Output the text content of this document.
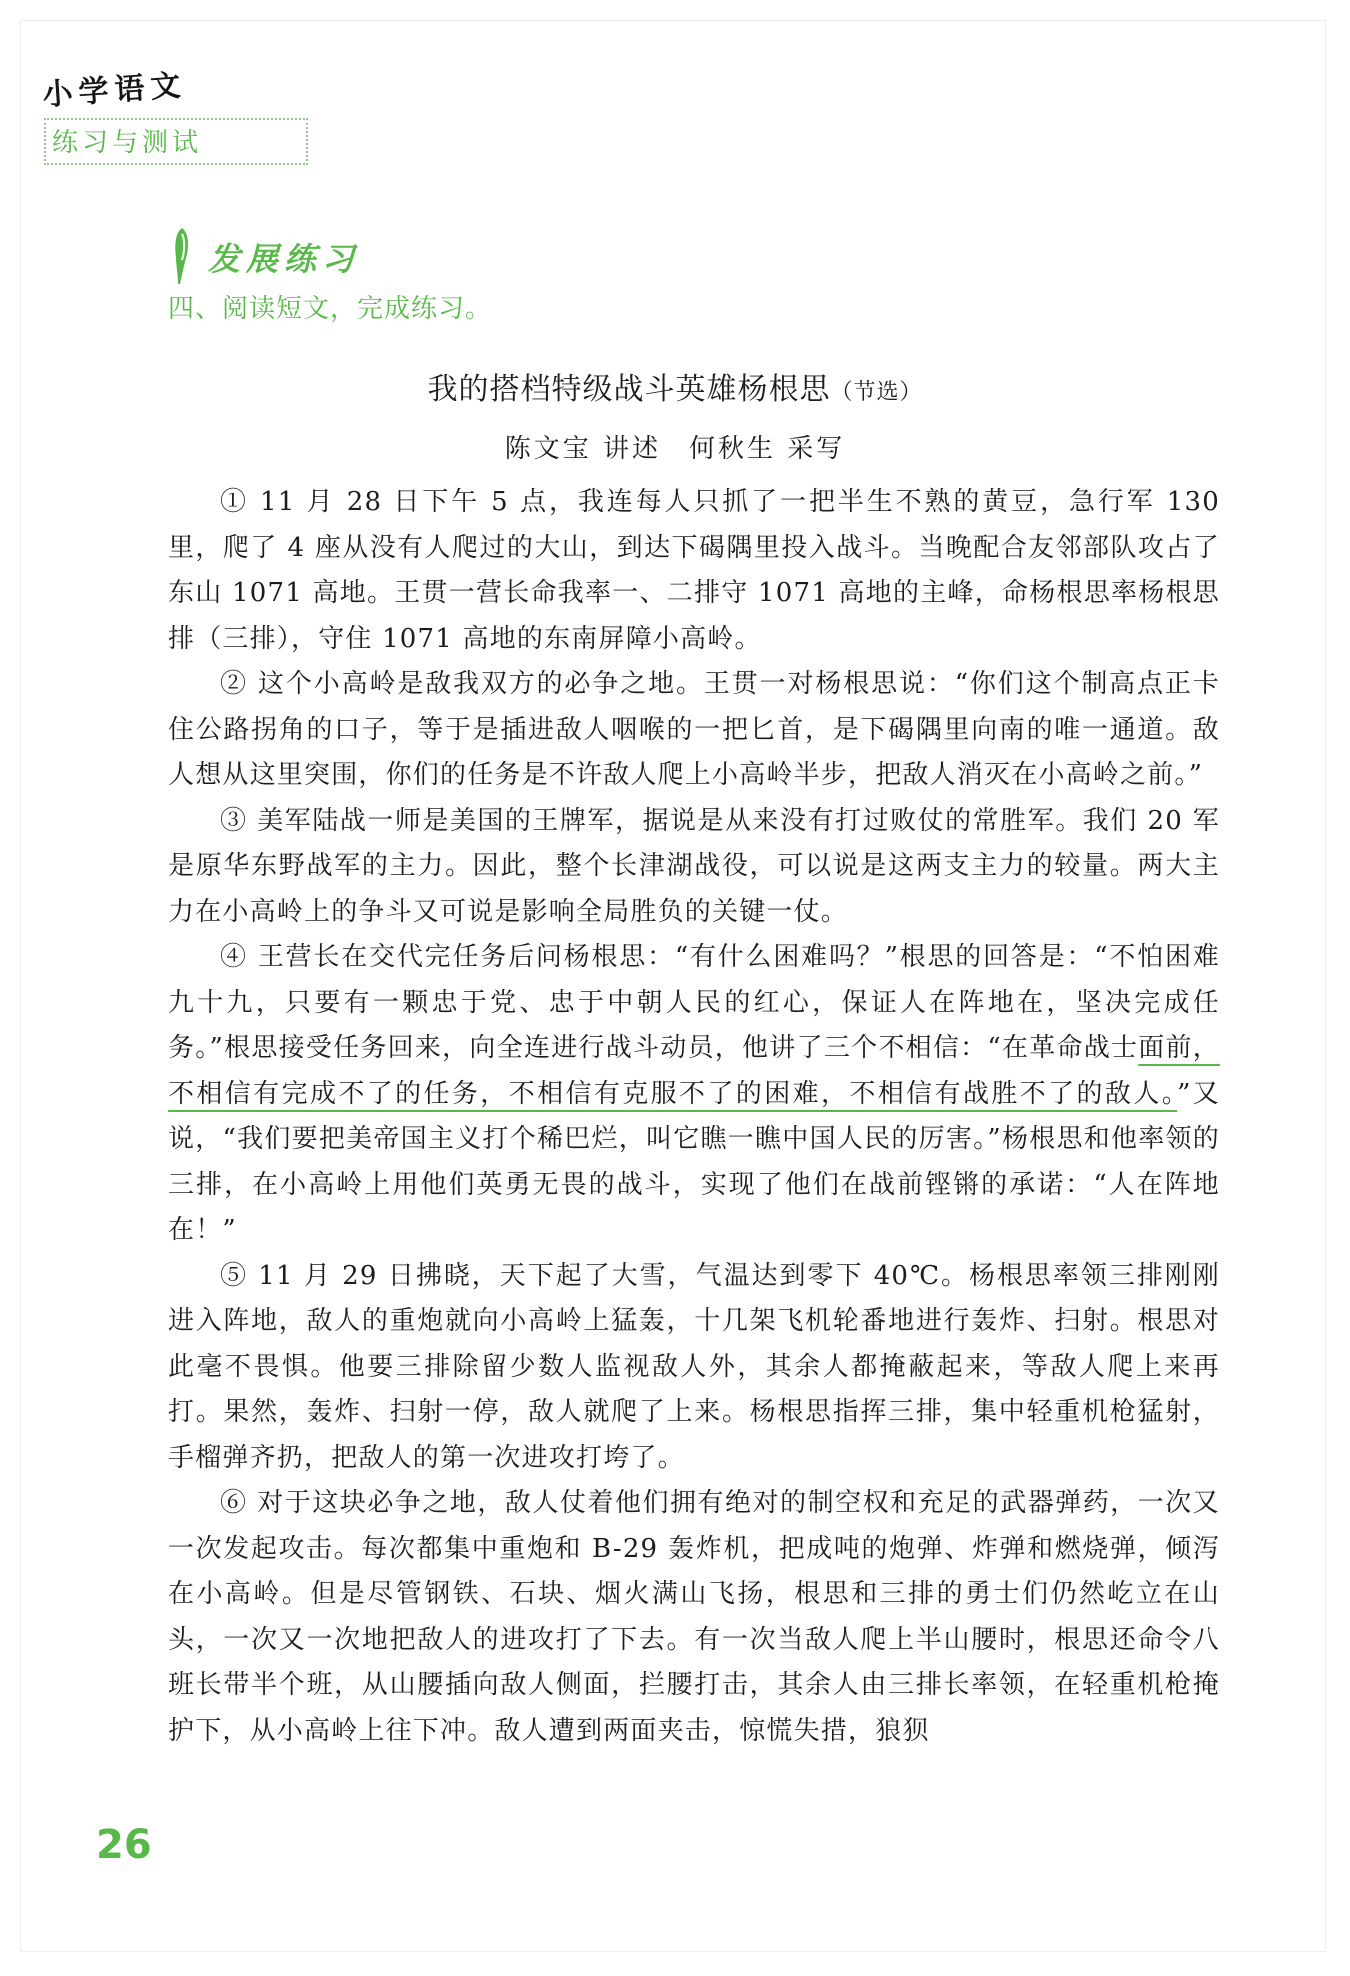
小学语文
练习与测试
发展练习
四、阅读短文，完成练习。
我的搭档特级战斗英雄杨根思（节选）
陈文宝 讲述 何秋生 采写

① 11 月 28 日下午 5 点，我连每人只抓了一把半生不熟的黄豆，急行军 130 里，爬了 4 座从没有人爬过的大山，到达下碣隅里投入战斗。当晚配合友邻部队攻占了东山 1071 高地。王贯一营长命我率一、二排守 1071 高地的主峰，命杨根思率杨根思排（三排），守住 1071 高地的东南屏障小高岭。

② 这个小高岭是敌我双方的必争之地。王贯一对杨根思说：“你们这个制高点正卡住公路拐角的口子，等于是插进敌人咽喉的一把匕首，是下碣隅里向南的唯一通道。敌人想从这里突围，你们的任务是不许敌人爬上小高岭半步，把敌人消灭在小高岭之前。”

③ 美军陆战一师是美国的王牌军，据说是从来没有打过败仗的常胜军。我们 20 军是原华东野战军的主力。因此，整个长津湖战役，可以说是这两支主力的较量。两大主力在小高岭上的争斗又可说是影响全局胜负的关键一仗。

④ 王营长在交代完任务后问杨根思：“有什么困难吗？”根思的回答是：“不怕困难九十九，只要有一颗忠于党、忠于中朝人民的红心，保证人在阵地在，坚决完成任务。”根思接受任务回来，向全连进行战斗动员，他讲了三个不相信：“在革命战士面前，不相信有完成不了的任务，不相信有克服不了的困难，不相信有战胜不了的敌人。”又说，“我们要把美帝国主义打个稀巴烂，叫它瞧一瞧中国人民的厉害。”杨根思和他率领的三排，在小高岭上用他们英勇无畏的战斗，实现了他们在战前铿锵的承诺：“人在阵地在！”

⑤ 11 月 29 日拂晓，天下起了大雪，气温达到零下 40℃。杨根思率领三排刚刚进入阵地，敌人的重炮就向小高岭上猛轰，十几架飞机轮番地进行轰炸、扫射。根思对此毫不畏惧。他要三排除留少数人监视敌人外，其余人都掩蔽起来，等敌人爬上来再打。果然，轰炸、扫射一停，敌人就爬了上来。杨根思指挥三排，集中轻重机枪猛射，手榴弹齐扔，把敌人的第一次进攻打垮了。

⑥ 对于这块必争之地，敌人仗着他们拥有绝对的制空权和充足的武器弹药，一次又一次发起攻击。每次都集中重炮和 B-29 轰炸机，把成吨的炮弹、炸弹和燃烧弹，倾泻在小高岭。但是尽管钢铁、石块、烟火满山飞扬，根思和三排的勇士们仍然屹立在山头，一次又一次地把敌人的进攻打了下去。有一次当敌人爬上半山腰时，根思还命令八班长带半个班，从山腰插向敌人侧面，拦腰打击，其余人由三排长率领，在轻重机枪掩护下，从小高岭上往下冲。敌人遭到两面夹击，惊慌失措，狼狈

26
